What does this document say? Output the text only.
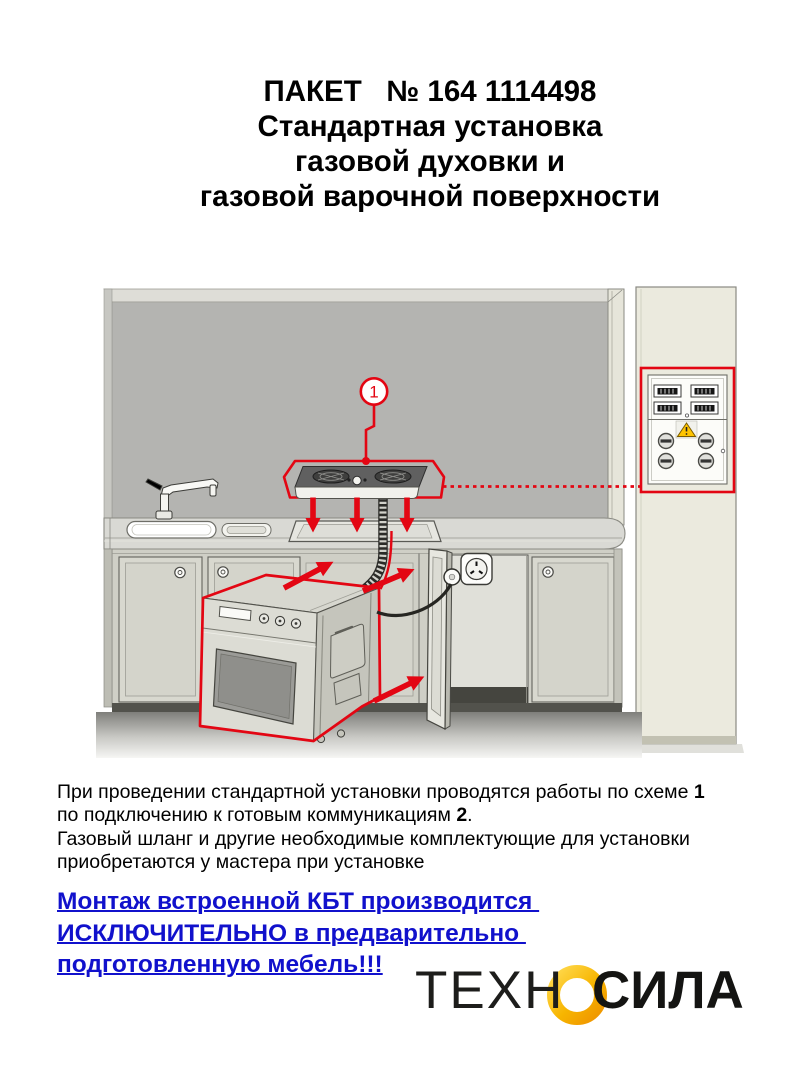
ПАКЕТ   № 164 1114498
Стандартная установка
газовой духовки и
газовой варочной поверхности
1
При проведении стандартной установки проводятся работы по схеме 1
по подключению к готовым коммуникациям 2.
Газовый шланг и другие необходимые комплектующие для установки
приобретаются у мастера при установке
Монтаж встроенной КБТ производится
ИСКЛЮЧИТЕЛЬНО в предварительно
подготовленную мебель!!! ТЕХН СИЛА
